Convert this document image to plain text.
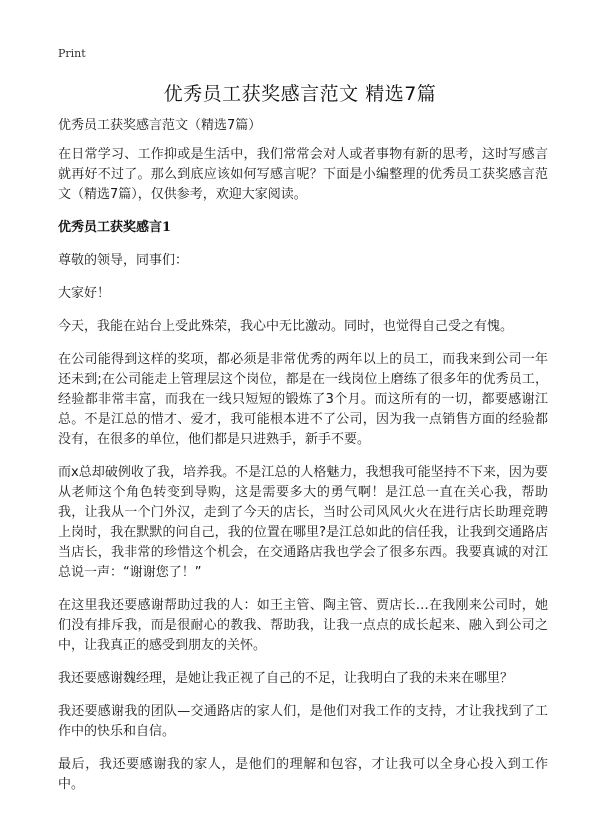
Print
优秀员工获奖感言范文 精选7篇

优秀员工获奖感言范文（精选7篇）

在日常学习、工作抑或是生活中，我们常常会对人或者事物有新的思考，这时写感言就再好不过了。那么到底应该如何写感言呢？下面是小编整理的优秀员工获奖感言范文（精选7篇），仅供参考，欢迎大家阅读。

优秀员工获奖感言1

尊敬的领导，同事们：

大家好！

今天，我能在站台上受此殊荣，我心中无比激动。同时，也觉得自己受之有愧。

在公司能得到这样的奖项，都必须是非常优秀的两年以上的员工，而我来到公司一年还未到;在公司能走上管理层这个岗位，都是在一线岗位上磨练了很多年的优秀员工，经验都非常丰富，而我在一线只短短的锻炼了3个月。而这所有的一切，都要感谢江总。不是江总的惜才、爱才，我可能根本进不了公司，因为我一点销售方面的经验都没有，在很多的单位，他们都是只进熟手，新手不要。

而x总却破例收了我，培养我。不是江总的人格魅力，我想我可能坚持不下来，因为要从老师这个角色转变到导购，这是需要多大的勇气啊！是江总一直在关心我，帮助我，让我从一个门外汉，走到了今天的店长，当时公司风风火火在进行店长助理竞聘上岗时，我在默默的问自己，我的位置在哪里?是江总如此的信任我，让我到交通路店当店长，我非常的珍惜这个机会，在交通路店我也学会了很多东西。我要真诚的对江总说一声：“谢谢您了！”

在这里我还要感谢帮助过我的人：如王主管、陶主管、贾店长…在我刚来公司时，她们没有排斥我，而是很耐心的教我、帮助我，让我一点点的成长起来、融入到公司之中，让我真正的感受到朋友的关怀。

我还要感谢魏经理，是她让我正视了自己的不足，让我明白了我的未来在哪里？

我还要感谢我的团队—交通路店的家人们，是他们对我工作的支持，才让我找到了工作中的快乐和自信。

最后，我还要感谢我的家人，是他们的理解和包容，才让我可以全身心投入到工作中。
